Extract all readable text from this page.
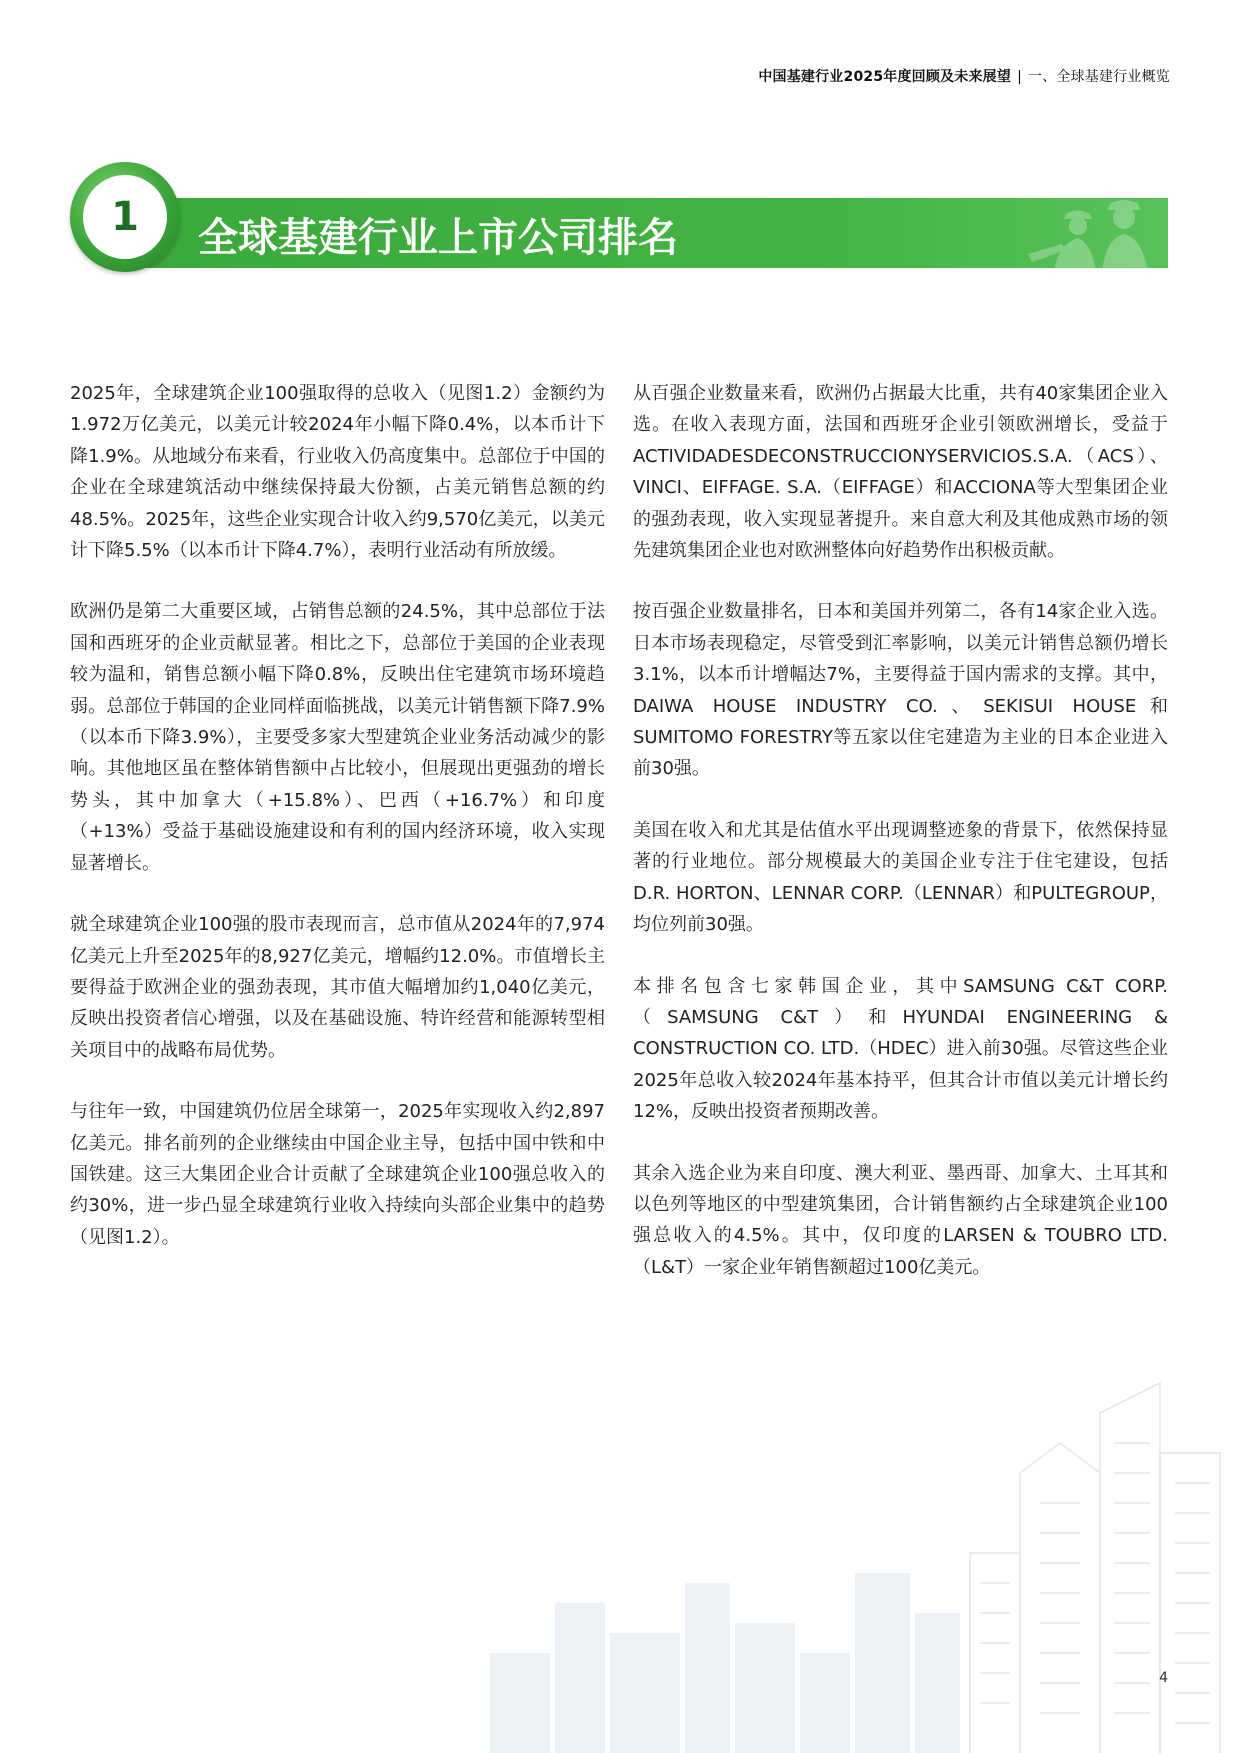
中国基建行业2025年度回顾及未来展望 | 一、全球基建行业概览
1	全球基建行业上市公司排名

2025年，全球建筑企业100强取得的总收入（见图1.2）金额约为1.972万亿美元，以美元计较2024年小幅下降0.4%，以本币计下降1.9%。从地域分布来看，行业收入仍高度集中。总部位于中国的企业在全球建筑活动中继续保持最大份额，占美元销售总额的约48.5%。2025年，这些企业实现合计收入约9,570亿美元，以美元计下降5.5%（以本币计下降4.7%），表明行业活动有所放缓。

欧洲仍是第二大重要区域，占销售总额的24.5%，其中总部位于法国和西班牙的企业贡献显著。相比之下，总部位于美国的企业表现较为温和，销售总额小幅下降0.8%，反映出住宅建筑市场环境趋弱。总部位于韩国的企业同样面临挑战，以美元计销售额下降7.9%（以本币下降3.9%），主要受多家大型建筑企业业务活动减少的影响。其他地区虽在整体销售额中占比较小，但展现出更强劲的增长势头，其中加拿大（+15.8%）、巴西（+16.7%）和印度（+13%）受益于基础设施建设和有利的国内经济环境，收入实现显著增长。

就全球建筑企业100强的股市表现而言，总市值从2024年的7,974亿美元上升至2025年的8,927亿美元，增幅约12.0%。市值增长主要得益于欧洲企业的强劲表现，其市值大幅增加约1,040亿美元，反映出投资者信心增强，以及在基础设施、特许经营和能源转型相关项目中的战略布局优势。

与往年一致，中国建筑仍位居全球第一，2025年实现收入约2,897亿美元。排名前列的企业继续由中国企业主导，包括中国中铁和中国铁建。这三大集团企业合计贡献了全球建筑企业100强总收入的约30%，进一步凸显全球建筑行业收入持续向头部企业集中的趋势（见图1.2）。

从百强企业数量来看，欧洲仍占据最大比重，共有40家集团企业入选。在收入表现方面，法国和西班牙企业引领欧洲增长，受益于ACTIVIDADESDECONSTRUCCIONYSERVICIOS.S.A.（ACS）、VINCI、EIFFAGE. S.A.（EIFFAGE）和ACCIONA等大型集团企业的强劲表现，收入实现显著提升。来自意大利及其他成熟市场的领先建筑集团企业也对欧洲整体向好趋势作出积极贡献。

按百强企业数量排名，日本和美国并列第二，各有14家企业入选。日本市场表现稳定，尽管受到汇率影响，以美元计销售总额仍增长3.1%，以本币计增幅达7%，主要得益于国内需求的支撑。其中，DAIWA HOUSE INDUSTRY CO.、SEKISUI HOUSE和SUMITOMO FORESTRY等五家以住宅建造为主业的日本企业进入前30强。

美国在收入和尤其是估值水平出现调整迹象的背景下，依然保持显著的行业地位。部分规模最大的美国企业专注于住宅建设，包括D.R. HORTON、LENNAR CORP.（LENNAR）和PULTEGROUP，均位列前30强。

本排名包含七家韩国企业，其中SAMSUNG C&T CORP.（SAMSUNG C&T）和HYUNDAI ENGINEERING & CONSTRUCTION CO. LTD.（HDEC）进入前30强。尽管这些企业2025年总收入较2024年基本持平，但其合计市值以美元计增长约12%，反映出投资者预期改善。

其余入选企业为来自印度、澳大利亚、墨西哥、加拿大、土耳其和以色列等地区的中型建筑集团，合计销售额约占全球建筑企业100强总收入的4.5%。其中，仅印度的LARSEN & TOUBRO LTD.（L&T）一家企业年销售额超过100亿美元。

4
